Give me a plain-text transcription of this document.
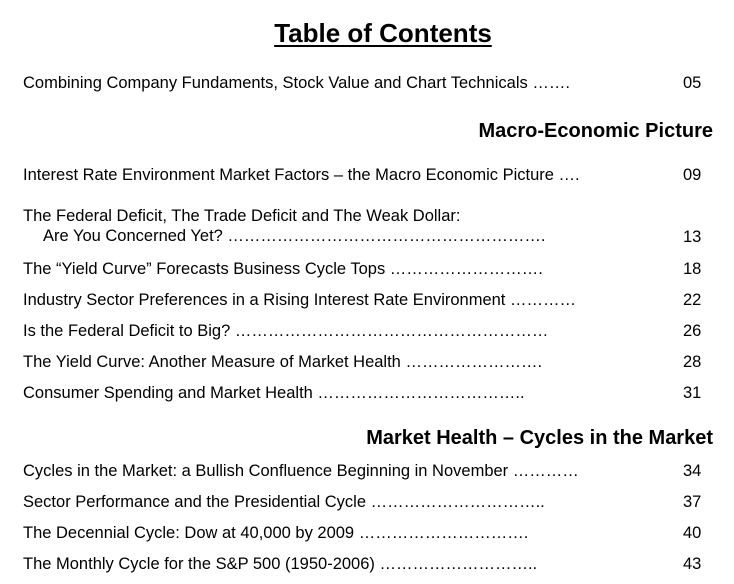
Table of Contents
Combining Company Fundaments, Stock Value and Chart Technicals …….	05
Macro-Economic Picture
Interest Rate Environment Market Factors – the Macro Economic Picture ….	09
The Federal Deficit, The Trade Deficit and The Weak Dollar:
Are You Concerned Yet? ………………………………………………….	13
The “Yield Curve” Forecasts Business Cycle Tops ……………………….	18
Industry Sector Preferences in a Rising Interest Rate Environment …………	22
Is the Federal Deficit to Big? …………………………………………………	26
The Yield Curve: Another Measure of Market Health …………………….	28
Consumer Spending and Market Health ………………………………..	31
Market Health – Cycles in the Market
Cycles in the Market: a Bullish Confluence Beginning in November …………	34
Sector Performance and the Presidential Cycle …………………………..	37
The Decennial Cycle: Dow at 40,000 by 2009 ………………………….	40
The Monthly Cycle for the S&P 500 (1950-2006) ………………………..	43
